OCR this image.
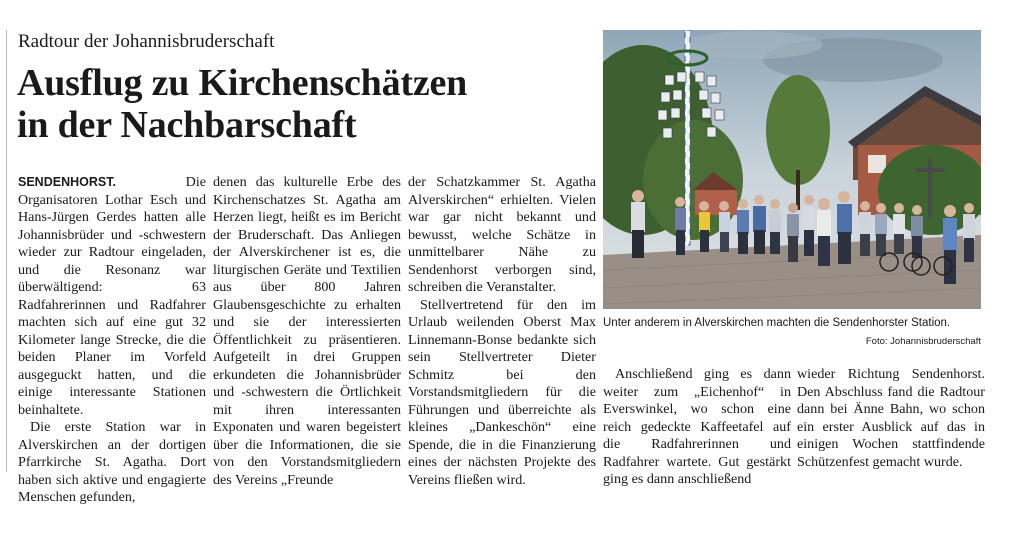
Radtour der Johannisbruderschaft
Ausflug zu Kirchenschätzen
in der Nachbarschaft

SENDENHORST.	Die Organisatoren Lothar Esch und Hans-Jürgen Gerdes hatten alle Johannisbrüder und -schwestern wieder zur Radtour eingeladen, und die Resonanz war überwältigend: 63 Radfahrerinnen und Radfahrer machten sich auf eine gut 32 Kilometer lange Strecke, die die beiden Planer im Vorfeld ausgeguckt hatten, und die einige interessante Stationen beinhaltete.

Die erste Station war in Alverskirchen an der dortigen Pfarrkirche St. Agatha. Dort haben sich aktive und engagierte Menschen gefunden,

denen das kulturelle Erbe des Kirchenschatzes St. Agatha am Herzen liegt, heißt es im Bericht der Bruderschaft. Das Anliegen der Alverskirchener ist es, die liturgischen Geräte und Textilien aus über 800 Jahren Glaubensgeschichte zu erhalten und sie der interessierten Öffentlichkeit zu präsentieren. Aufgeteilt in drei Gruppen erkundeten die Johannisbrüder und -schwestern die Örtlichkeit mit ihren interessanten Exponaten und waren begeistert über die Informationen, die sie von den Vorstandsmitgliedern des Vereins „Freunde

der Schatzkammer St. Agatha Alverskirchen“ erhielten. Vielen war gar nicht bekannt und bewusst, welche Schätze in unmittelbarer Nähe zu Sendenhorst verborgen sind, schreiben die Veranstalter.

Stellvertretend für den im Urlaub weilenden Oberst Max Linnemann-Bonse bedankte sich sein Stellvertreter Dieter Schmitz bei den Vorstandsmitgliedern für die Führungen und überreichte als kleines „Dankeschön“ eine Spende, die in die Finanzierung eines der nächsten Projekte des Vereins fließen wird.

Unter anderem in Alverskirchen machten die Sendenhorster Station.
Foto: Johannisbruderschaft

Anschließend ging es dann weiter zum „Eichenhof“ in Everswinkel, wo schon eine reich gedeckte Kaffeetafel auf die Radfahrerinnen und Radfahrer wartete. Gut gestärkt ging es dann anschließend

wieder Richtung Sendenhorst. Den Abschluss fand die Radtour dann bei Änne Bahn, wo schon ein erster Ausblick auf das in einigen Wochen stattfindende Schützenfest gemacht wurde.
